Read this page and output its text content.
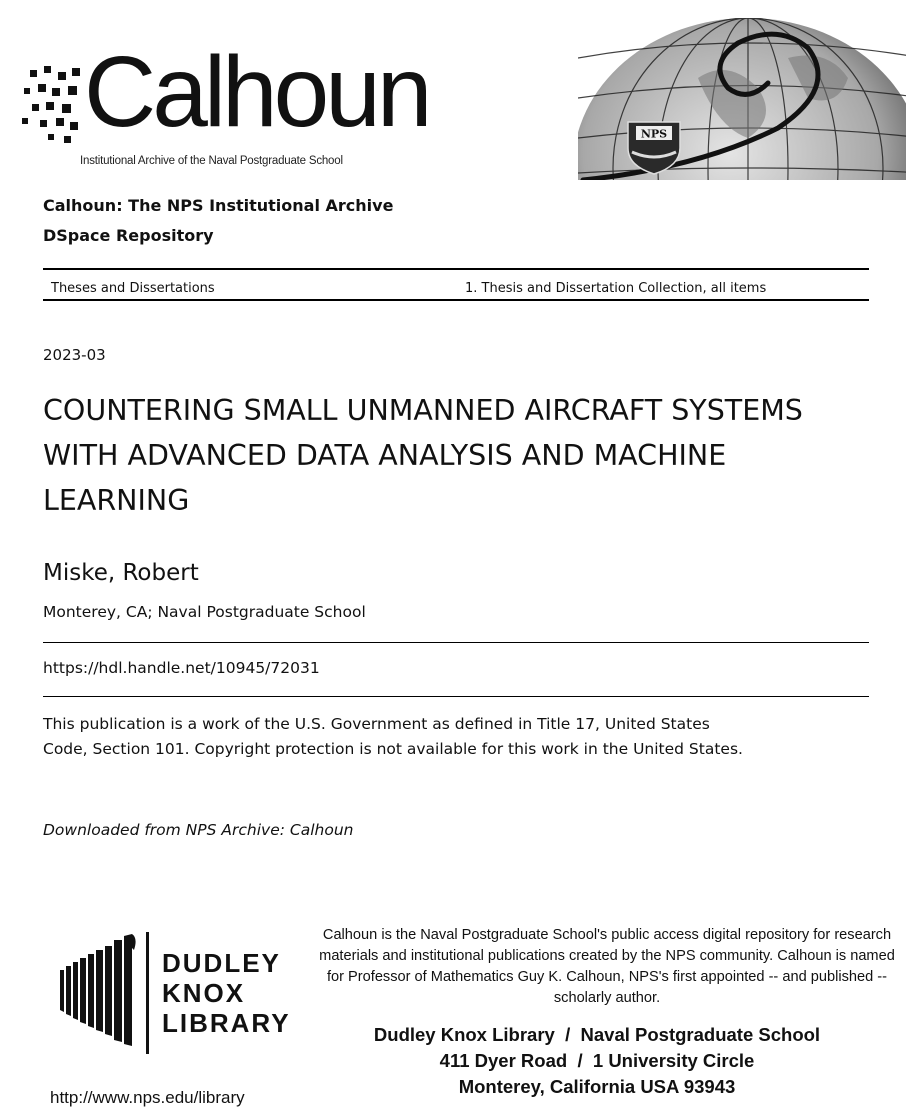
Calhoun
Institutional Archive of the Naval Postgraduate School
NPS
Calhoun: The NPS Institutional Archive
DSpace Repository
Theses and Dissertations	1. Thesis and Dissertation Collection, all items
2023-03
COUNTERING SMALL UNMANNED AIRCRAFT SYSTEMS WITH ADVANCED DATA ANALYSIS AND MACHINE LEARNING
Miske, Robert
Monterey, CA; Naval Postgraduate School
https://hdl.handle.net/10945/72031
This publication is a work of the U.S. Government as defined in Title 17, United States Code, Section 101. Copyright protection is not available for this work in the United States.
Downloaded from NPS Archive: Calhoun
DUDLEY
KNOX
LIBRARY
http://www.nps.edu/library
Calhoun is the Naval Postgraduate School's public access digital repository for research materials and institutional publications created by the NPS community. Calhoun is named for Professor of Mathematics Guy K. Calhoun, NPS's first appointed -- and published -- scholarly author.
Dudley Knox Library  /  Naval Postgraduate School
411 Dyer Road  /  1 University Circle
Monterey, California USA 93943
